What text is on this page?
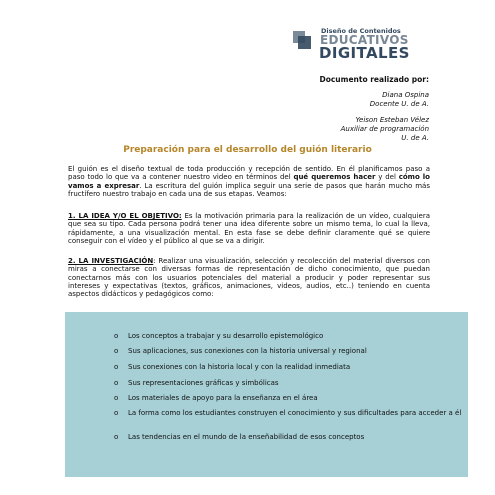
Diseño de Contenidos
EDUCATIVOS
DIGITALES
Documento realizado por:
Diana Ospina
Docente U. de A.
Yeison Esteban Vélez
Auxiliar de programación
U. de A.
Preparación para el desarrollo del guión literario
El guión es el diseño textual de toda producción y recepción de sentido. En él planificamos paso a paso todo lo que va a contener nuestro video en términos del qué queremos hacer y del cómo lo vamos a expresar. La escritura del guión implica seguir una serie de pasos que harán mucho más fructífero nuestro trabajo en cada una de sus etapas. Veamos:
1. LA IDEA Y/O EL OBJETIVO: Es la motivación primaria para la realización de un vídeo, cualquiera que sea su tipo. Cada persona podrá tener una idea diferente sobre un mismo tema, lo cual la lleva, rápidamente, a una visualización mental. En esta fase se debe definir claramente qué se quiere conseguir con el vídeo y el público al que se va a dirigir.
2. LA INVESTIGACIÓN: Realizar una visualización, selección y recolección del material diversos con miras a conectarse con diversas formas de representación de dicho conocimiento, que puedan conectarnos más con los usuarios potenciales del material a producir y poder representar sus intereses y expectativas (textos, gráficos, animaciones, videos, audios, etc..) teniendo en cuenta aspectos didácticos y pedagógicos como:
o Los conceptos a trabajar y su desarrollo epistemológico
o Sus aplicaciones, sus conexiones con la historia universal y regional
o Sus conexiones con la historia local y con la realidad inmediata
o Sus representaciones gráficas y simbólicas
o Los materiales de apoyo para la enseñanza en el área
o La forma como los estudiantes construyen el conocimiento y sus dificultades para acceder a él
o Las tendencias en el mundo de la enseñabilidad de esos conceptos
